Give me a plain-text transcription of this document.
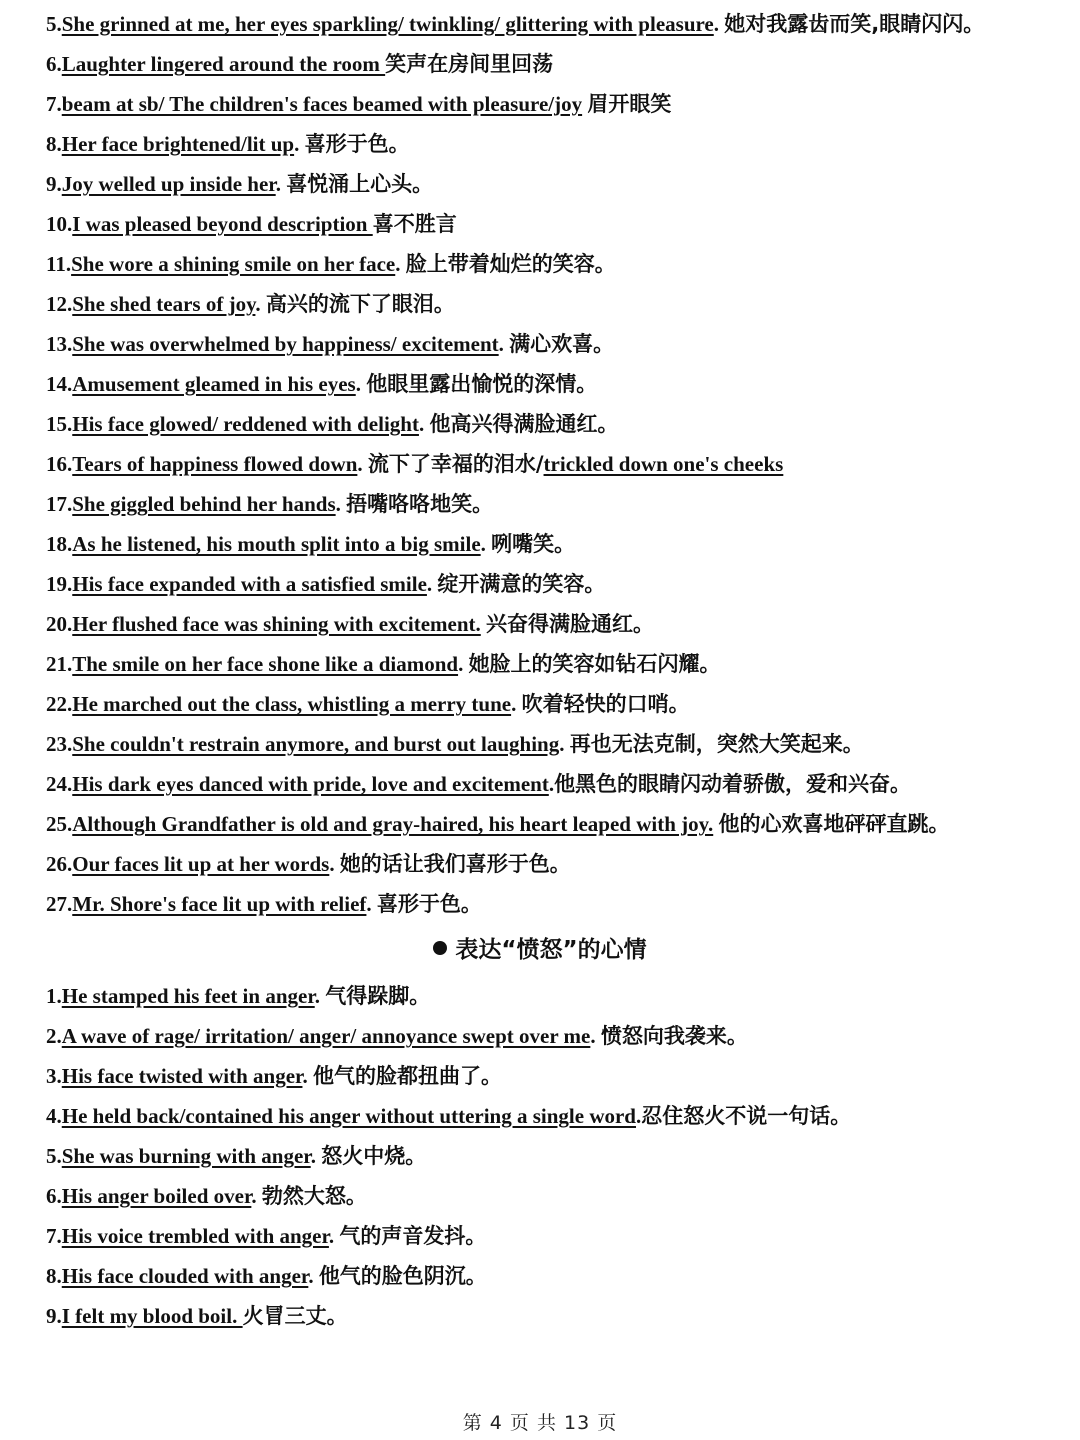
5.She grinned at me, her eyes sparkling/ twinkling/ glittering with pleasure. 她对我露齿而笑,眼睛闪闪。
6.Laughter lingered around the room 笑声在房间里回荡
7.beam at sb/ The children's faces beamed with pleasure/joy 眉开眼笑
8.Her face brightened/lit up. 喜形于色。
9.Joy welled up inside her. 喜悦涌上心头。
10.I was pleased beyond description 喜不胜言
11.She wore a shining smile on her face. 脸上带着灿烂的笑容。
12.She shed tears of joy. 高兴的流下了眼泪。
13.She was overwhelmed by happiness/ excitement. 满心欢喜。
14.Amusement gleamed in his eyes. 他眼里露出愉悦的深情。
15.His face glowed/ reddened with delight. 他高兴得满脸通红。
16.Tears of happiness flowed down. 流下了幸福的泪水/trickled down one's cheeks
17.She giggled behind her hands. 捂嘴咯咯地笑。
18.As he listened, his mouth split into a big smile. 咧嘴笑。
19.His face expanded with a satisfied smile. 绽开满意的笑容。
20.Her flushed face was shining with excitement. 兴奋得满脸通红。
21.The smile on her face shone like a diamond. 她脸上的笑容如钻石闪耀。
22.He marched out the class, whistling a merry tune. 吹着轻快的口哨。
23.She couldn't restrain anymore, and burst out laughing. 再也无法克制，突然大笑起来。
24.His dark eyes danced with pride, love and excitement.他黑色的眼睛闪动着骄傲，爱和兴奋。
25.Although Grandfather is old and gray-haired, his heart leaped with joy. 他的心欢喜地砰砰直跳。
26.Our faces lit up at her words. 她的话让我们喜形于色。
27.Mr. Shore's face lit up with relief. 喜形于色。
表达“愤怒”的心情
1.He stamped his feet in anger. 气得跺脚。
2.A wave of rage/ irritation/ anger/ annoyance swept over me. 愤怒向我袭来。
3.His face twisted with anger. 他气的脸都扭曲了。
4.He held back/contained his anger without uttering a single word.忍住怒火不说一句话。
5.She was burning with anger. 怒火中烧。
6.His anger boiled over. 勃然大怒。
7.His voice trembled with anger. 气的声音发抖。
8.His face clouded with anger. 他气的脸色阴沉。
9.I felt my blood boil. 火冒三丈。
第 4 页 共 13 页
